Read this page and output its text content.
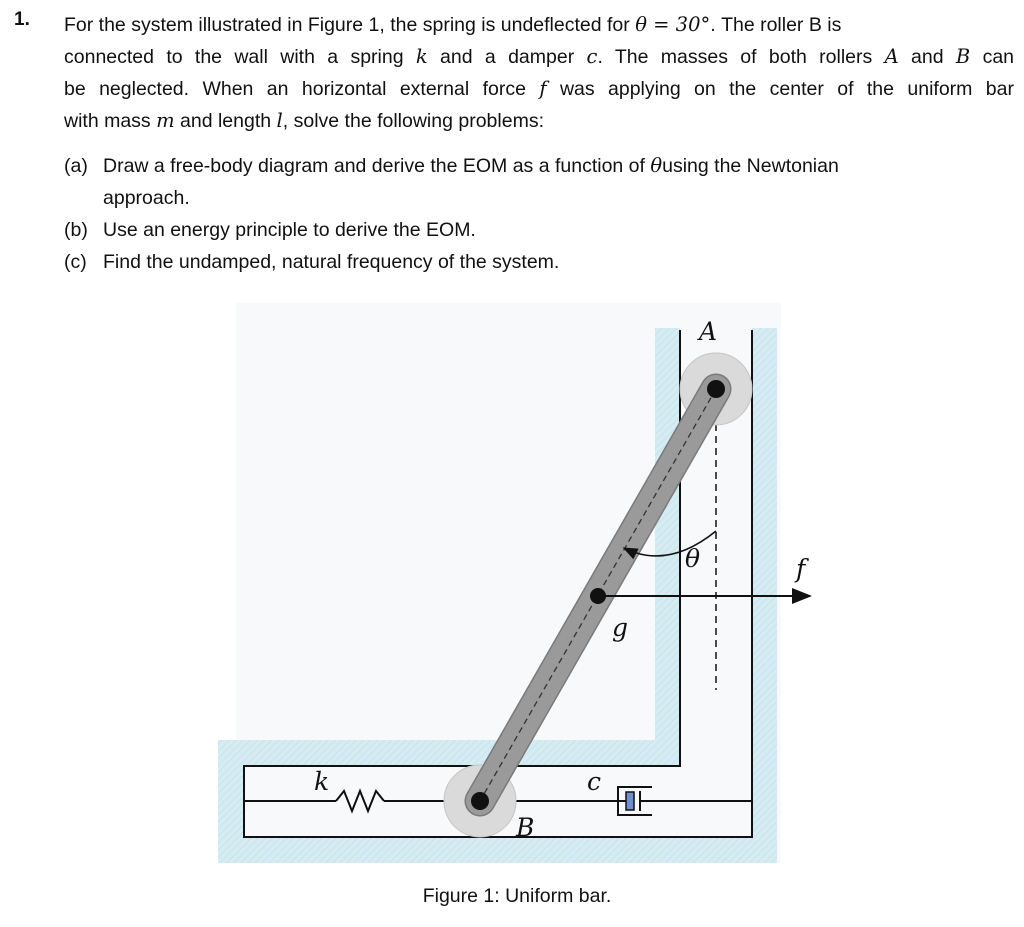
1. For the system illustrated in Figure 1, the spring is undeflected for θ = 30°. The roller B is
connected to the wall with a spring k and a damper c. The masses of both rollers A and B can
be neglected. When an horizontal external force f was applying on the center of the uniform bar
with mass m and length l, solve the following problems:
(a) Draw a free-body diagram and derive the EOM as a function of θusing the Newtonian
approach.
(b) Use an energy principle to derive the EOM.
(c) Find the undamped, natural frequency of the system.
A
B
k	c
θ	f
g
Figure 1: Uniform bar.
